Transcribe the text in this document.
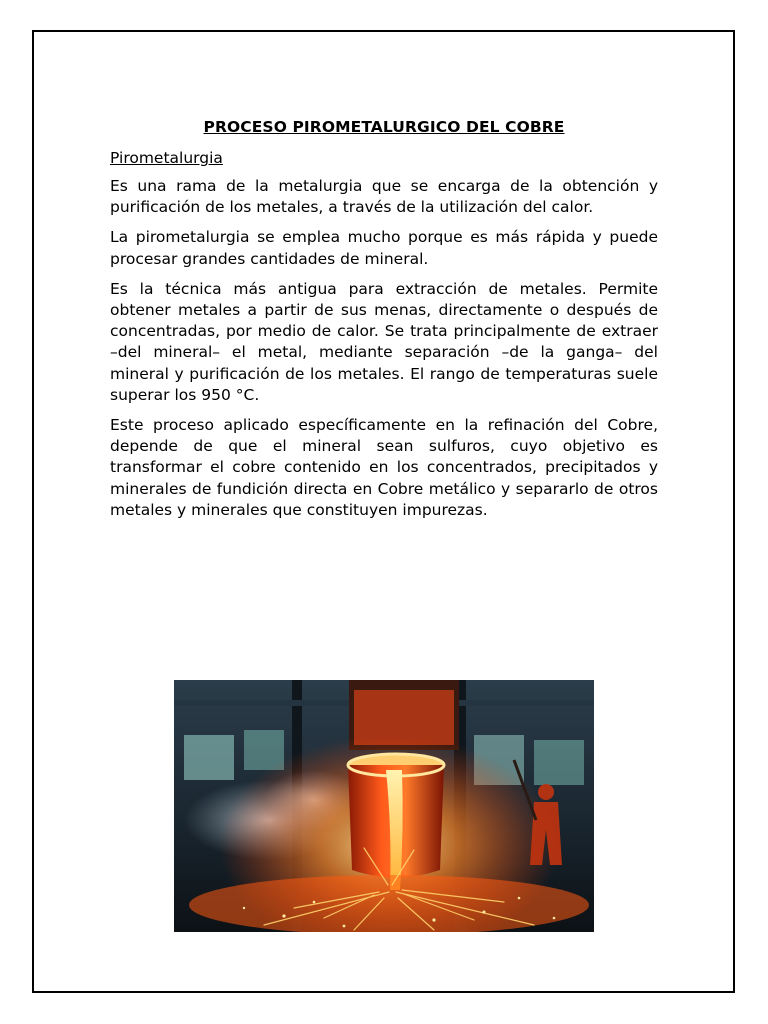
PROCESO PIROMETALURGICO DEL COBRE
Pirometalurgia

Es una rama de la metalurgia que se encarga de la obtención y purificación de los metales, a través de la utilización del calor.

La pirometalurgia se emplea mucho porque es más rápida y puede procesar grandes cantidades de mineral.

Es la técnica más antigua para extracción de metales. Permite obtener metales a partir de sus menas, directamente o después de concentradas, por medio de calor. Se trata principalmente de extraer –del mineral– el metal, mediante separación –de la ganga– del mineral y purificación de los metales. El rango de temperaturas suele superar los 950 °C.

Este proceso aplicado específicamente en la refinación del Cobre, depende de que el mineral sean sulfuros, cuyo objetivo es transformar el cobre contenido en los concentrados, precipitados y minerales de fundición directa en Cobre metálico y separarlo de otros metales y minerales que constituyen impurezas.
